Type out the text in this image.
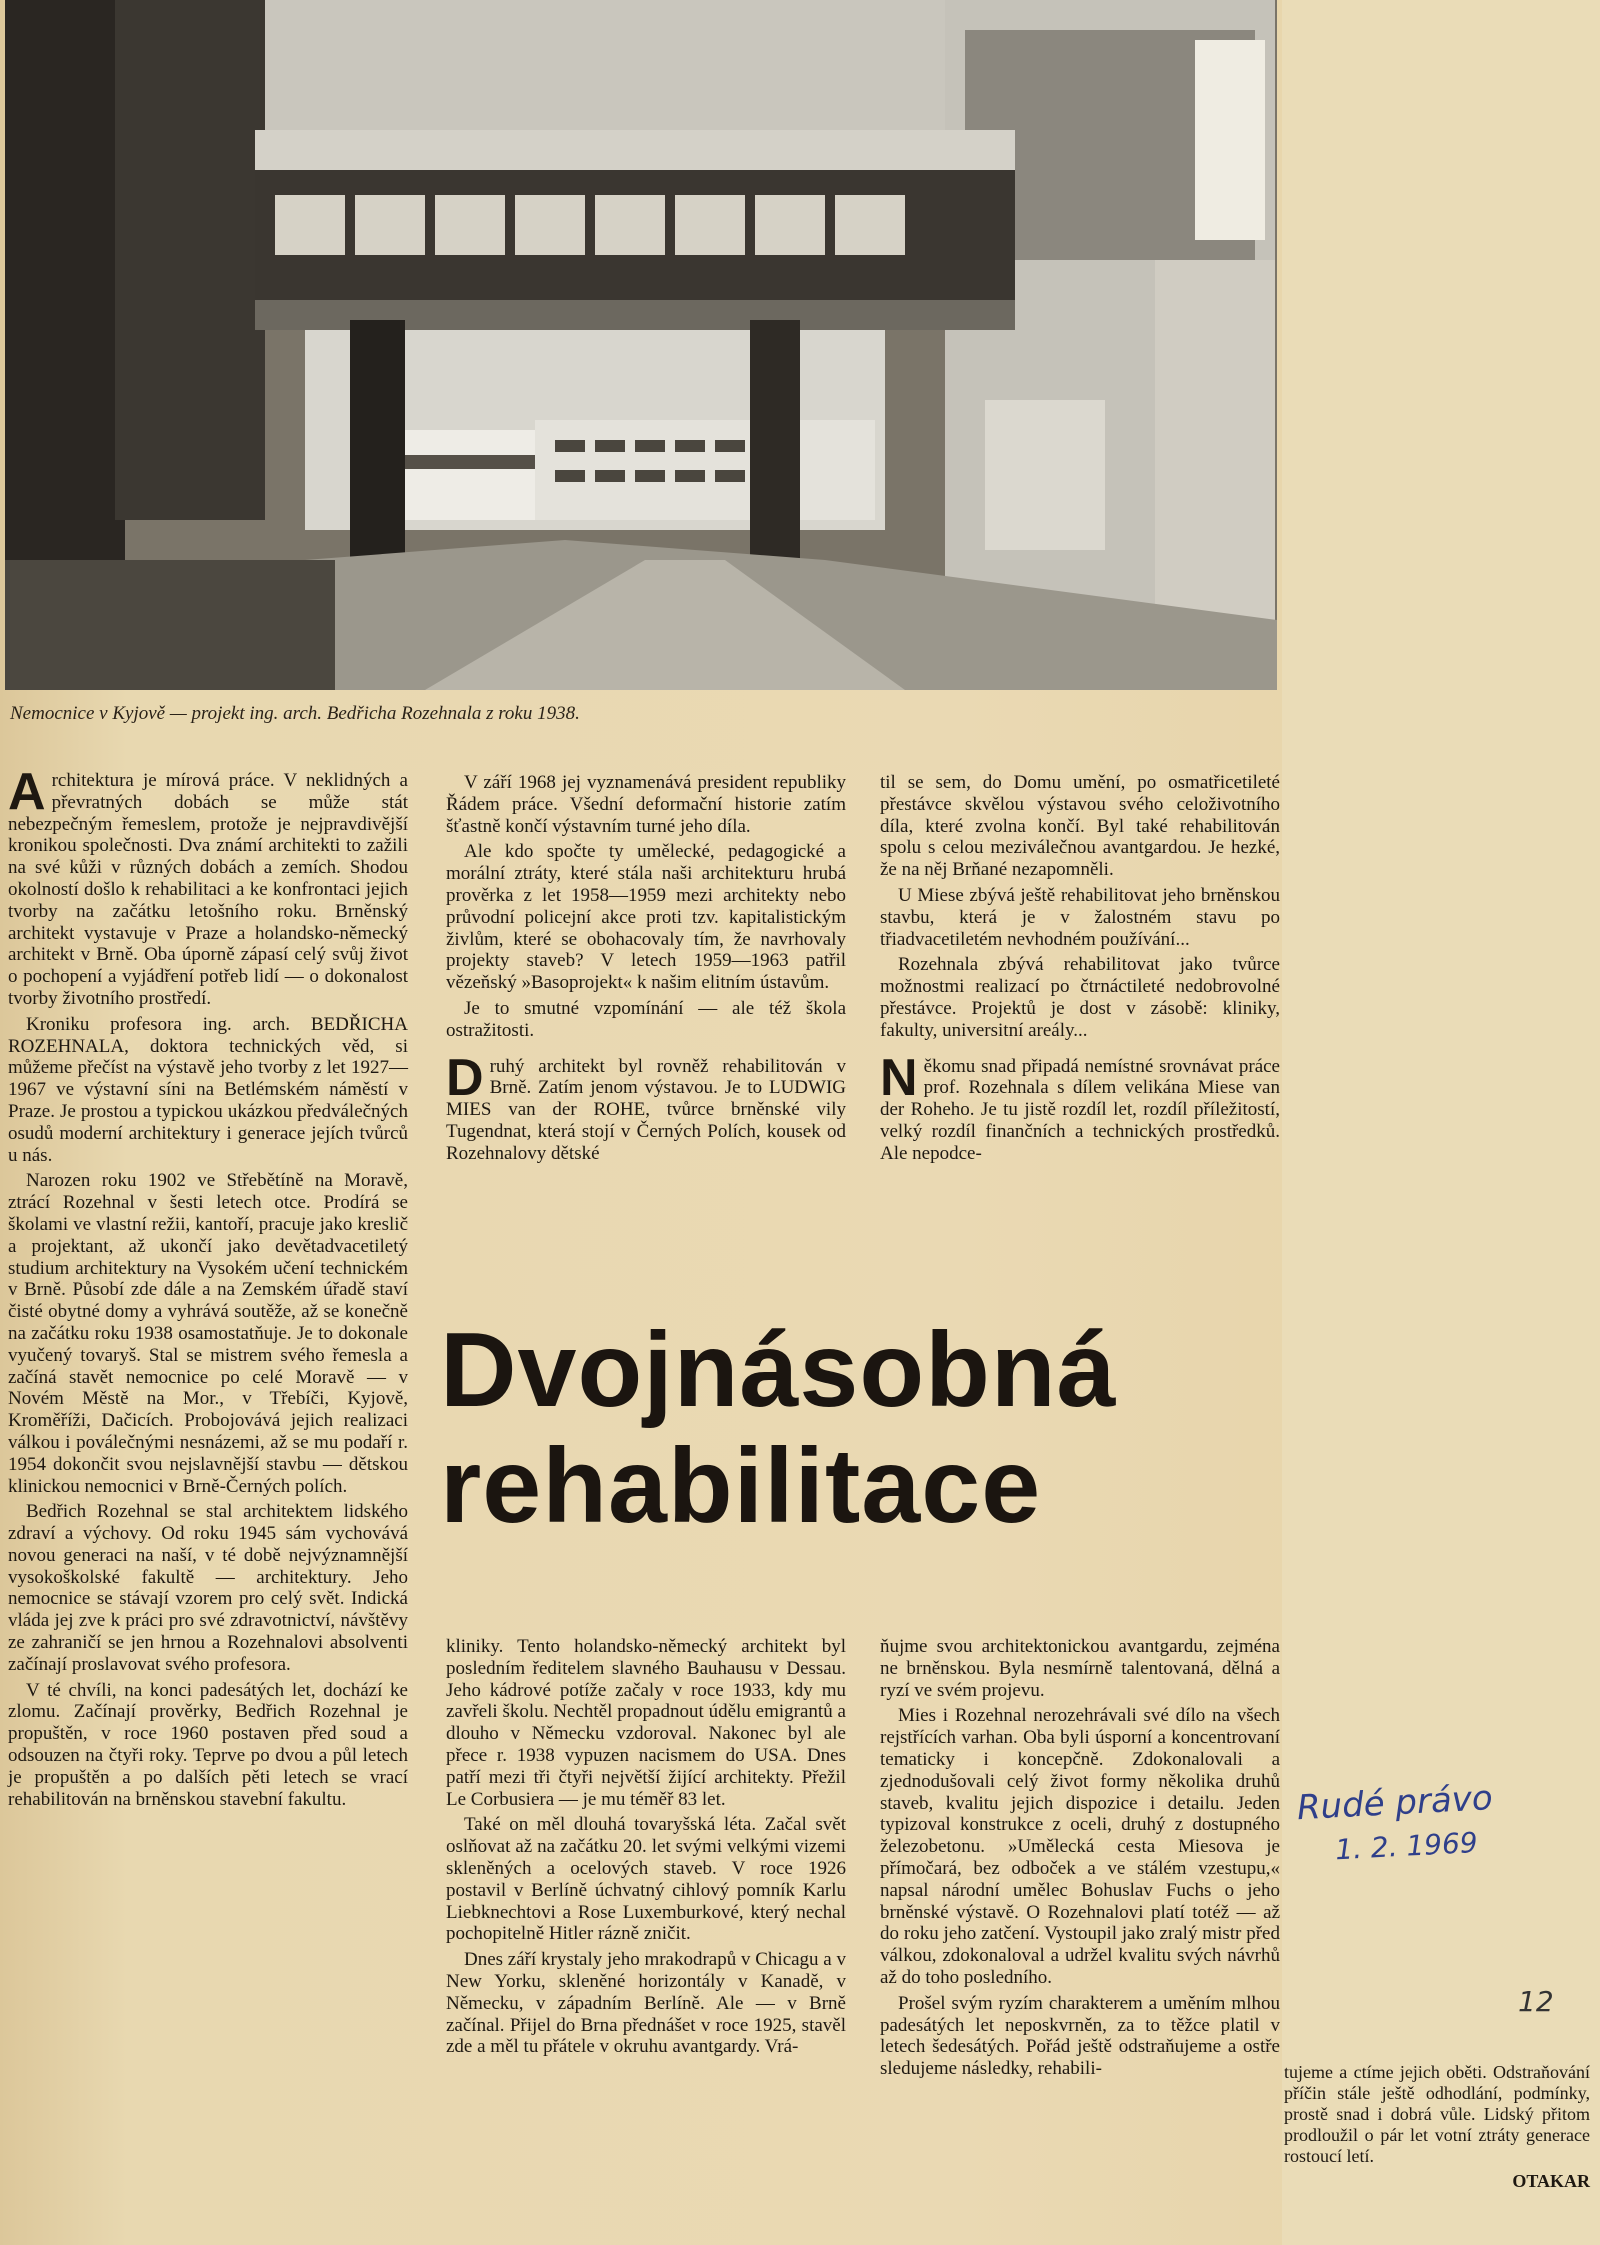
Nemocnice v Kyjově — projekt ing. arch. Bedřicha Rozehnala z roku 1938.

Architektura je mírová práce. V neklidných a převratných dobách se může stát nebezpečným řemeslem, protože je nejpravdivější kronikou společnosti. Dva známí architekti to zažili na své kůži v různých dobách a zemích. Shodou okolností došlo k rehabilitaci a ke konfrontaci jejich tvorby na začátku letošního roku. Brněnský architekt vystavuje v Praze a holandsko-německý architekt v Brně. Oba úporně zápasí celý svůj život o pochopení a vyjádření potřeb lidí — o dokonalost tvorby životního prostředí.

Kroniku profesora ing. arch. BEDŘICHA ROZEHNALA, doktora technických věd, si můžeme přečíst na výstavě jeho tvorby z let 1927—1967 ve výstavní síni na Betlémském náměstí v Praze. Je prostou a typickou ukázkou předválečných osudů moderní architektury i generace jejích tvůrců u nás.

Narozen roku 1902 ve Střebětíně na Moravě, ztrácí Rozehnal v šesti letech otce. Prodírá se školami ve vlastní režii, kantoří, pracuje jako kreslič a projektant, až ukončí jako devětadvacetiletý studium architektury na Vysokém učení technickém v Brně. Působí zde dále a na Zemském úřadě staví čisté obytné domy a vyhrává soutěže, až se konečně na začátku roku 1938 osamostatňuje. Je to dokonale vyučený tovaryš. Stal se mistrem svého řemesla a začíná stavět nemocnice po celé Moravě — v Novém Městě na Mor., v Třebíči, Kyjově, Kroměříži, Dačicích. Probojovává jejich realizaci válkou i poválečnými nesnázemi, až se mu podaří r. 1954 dokončit svou nejslavnější stavbu — dětskou klinickou nemocnici v Brně-Černých polích.

Bedřich Rozehnal se stal architektem lidského zdraví a výchovy. Od roku 1945 sám vychovává novou generaci na naší, v té době nejvýznamnější vysokoškolské fakultě — architektury. Jeho nemocnice se stávají vzorem pro celý svět. Indická vláda jej zve k práci pro své zdravotnictví, návštěvy ze zahraničí se jen hrnou a Rozehnalovi absolventi začínají proslavovat svého profesora.

V té chvíli, na konci padesátých let, dochází ke zlomu. Začínají prověrky, Bedřich Rozehnal je propuštěn, v roce 1960 postaven před soud a odsouzen na čtyři roky. Teprve po dvou a půl letech je propuštěn a po dalších pěti letech se vrací rehabilitován na brněnskou stavební fakultu.

V září 1968 jej vyznamenává president republiky Řádem práce. Všední deformační historie zatím šťastně končí výstavním turné jeho díla.

Ale kdo spočte ty umělecké, pedagogické a morální ztráty, které stála naši architekturu hrubá prověrka z let 1958—1959 mezi architekty nebo průvodní policejní akce proti tzv. kapitalistickým živlům, které se obohacovaly tím, že navrhovaly projekty staveb? V letech 1959—1963 patřil vězeňský »Basoprojekt« k našim elitním ústavům.

Je to smutné vzpomínání — ale též škola ostražitosti.

Druhý architekt byl rovněž rehabilitován v Brně. Zatím jenom výstavou. Je to LUDWIG MIES van der ROHE, tvůrce brněnské vily Tugendnat, která stojí v Černých Polích, kousek od Rozehnalovy dětské

til se sem, do Domu umění, po osmatřicetileté přestávce skvělou výstavou svého celoživotního díla, které zvolna končí. Byl také rehabilitován spolu s celou meziválečnou avantgardou. Je hezké, že na něj Brňané nezapomněli.

U Miese zbývá ještě rehabilitovat jeho brněnskou stavbu, která je v žalostném stavu po třiadvacetiletém nevhodném používání...

Rozehnala zbývá rehabilitovat jako tvůrce možnostmi realizací po čtrnáctileté nedobrovolné přestávce. Projektů je dost v zásobě: kliniky, fakulty, universitní areály...

Někomu snad připadá nemístné srovnávat práce prof. Rozehnala s dílem velikána Miese van der Roheho. Je tu jistě rozdíl let, rozdíl příležitostí, velký rozdíl finančních a technických prostředků. Ale nepodce-

Dvojnásobná
rehabilitace

kliniky. Tento holandsko-německý architekt byl posledním ředitelem slavného Bauhausu v Dessau. Jeho kádrové potíže začaly v roce 1933, kdy mu zavřeli školu. Nechtěl propadnout údělu emigrantů a dlouho v Německu vzdoroval. Nakonec byl ale přece r. 1938 vypuzen nacismem do USA. Dnes patří mezi tři čtyři největší žijící architekty. Přežil Le Corbusiera — je mu téměř 83 let.

Také on měl dlouhá tovaryšská léta. Začal svět oslňovat až na začátku 20. let svými velkými vizemi skleněných a ocelových staveb. V roce 1926 postavil v Berlíně úchvatný cihlový pomník Karlu Liebknechtovi a Rose Luxemburkové, který nechal pochopitelně Hitler rázně zničit.

Dnes září krystaly jeho mrakodrapů v Chicagu a v New Yorku, skleněné horizontály v Kanadě, v Německu, v západním Berlíně. Ale — v Brně začínal. Přijel do Brna přednášet v roce 1925, stavěl zde a měl tu přátele v okruhu avantgardy. Vrá-

ňujme svou architektonickou avantgardu, zejména ne brněnskou. Byla nesmírně talentovaná, dělná a ryzí ve svém projevu.

Mies i Rozehnal nerozehrávali své dílo na všech rejstřících varhan. Oba byli úsporní a koncentrovaní tematicky i koncepčně. Zdokonalovali a zjednodušovali celý život formy několika druhů staveb, kvalitu jejich dispozice i detailu. Jeden typizoval konstrukce z oceli, druhý z dostupného železobetonu. »Umělecká cesta Miesova je přímočará, bez odboček a ve stálém vzestupu,« napsal národní umělec Bohuslav Fuchs o jeho brněnské výstavě. O Rozehnalovi platí totéž — až do roku jeho zatčení. Vystoupil jako zralý mistr před válkou, zdokonaloval a udržel kvalitu svých návrhů až do toho posledního.

Prošel svým ryzím charakterem a uměním mlhou padesátých let neposkvrněn, za to těžce platil v letech šedesátých. Pořád ještě odstraňujeme a ostře sledujeme následky, rehabili-	tujeme a ctíme jejich oběti. Odstraňování příčin stále ještě odhodlání, podmínky, prostě snad i dobrá vůle. Lidský přitom prodloužil o pár let votní ztráty generace rostoucí letí.

OTAKAR

Rudé právo
1. 2. 1969
12
